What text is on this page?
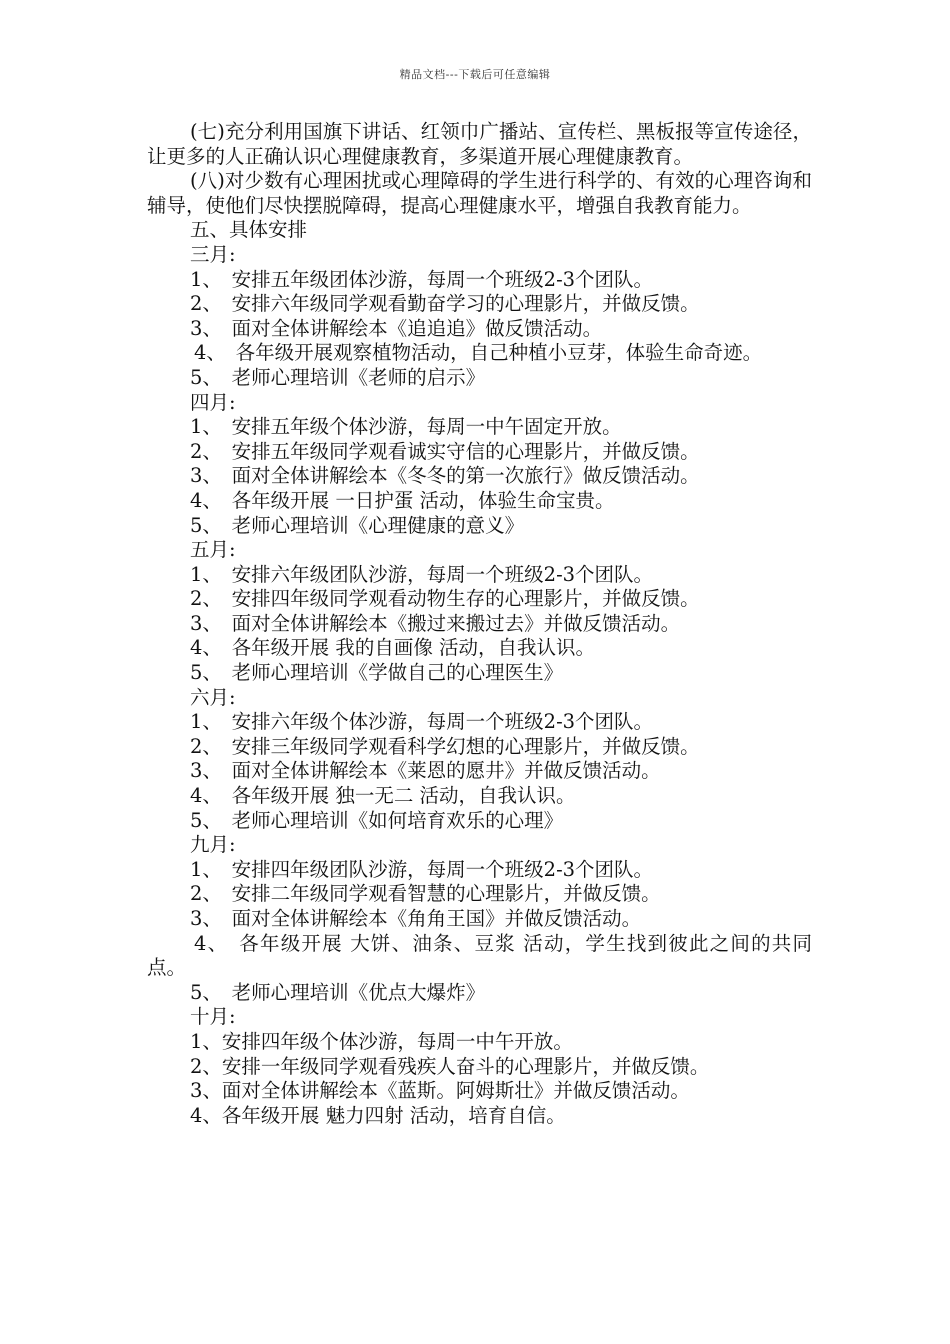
精品文档---下载后可任意编辑

(七)充分利用国旗下讲话、红领巾广播站、宣传栏、黑板报等宣传途径，让更多的人正确认识心理健康教育，多渠道开展心理健康教育。

(八)对少数有心理困扰或心理障碍的学生进行科学的、有效的心理咨询和辅导，使他们尽快摆脱障碍，提高心理健康水平，增强自我教育能力。

五、具体安排

三月:

1、　安排五年级团体沙游，每周一个班级2-3个团队。

2、　安排六年级同学观看勤奋学习的心理影片，并做反馈。

3、　面对全体讲解绘本《追追追》做反馈活动。

4、　各年级开展观察植物活动，自己种植小豆芽，体验生命奇迹。

5、　老师心理培训《老师的启示》

四月:

1、　安排五年级个体沙游，每周一中午固定开放。

2、　安排五年级同学观看诚实守信的心理影片，并做反馈。

3、　面对全体讲解绘本《冬冬的第一次旅行》做反馈活动。

4、　各年级开展 一日护蛋 活动，体验生命宝贵。

5、　老师心理培训《心理健康的意义》

五月:

1、　安排六年级团队沙游，每周一个班级2-3个团队。

2、　安排四年级同学观看动物生存的心理影片，并做反馈。

3、　面对全体讲解绘本《搬过来搬过去》并做反馈活动。

4、　各年级开展 我的自画像 活动，自我认识。

5、　老师心理培训《学做自己的心理医生》

六月:

1、　安排六年级个体沙游，每周一个班级2-3个团队。

2、　安排三年级同学观看科学幻想的心理影片，并做反馈。

3、　面对全体讲解绘本《莱恩的愿井》并做反馈活动。

4、　各年级开展 独一无二 活动，自我认识。

5、　老师心理培训《如何培育欢乐的心理》

九月:

1、　安排四年级团队沙游，每周一个班级2-3个团队。

2、　安排二年级同学观看智慧的心理影片，并做反馈。

3、　面对全体讲解绘本《角角王国》并做反馈活动。

4、　各年级开展 大饼、油条、豆浆 活动，学生找到彼此之间的共同点。

5、　老师心理培训《优点大爆炸》

十月:

1、安排四年级个体沙游，每周一中午开放。

2、安排一年级同学观看残疾人奋斗的心理影片，并做反馈。

3、面对全体讲解绘本《蓝斯。阿姆斯壮》并做反馈活动。

4、各年级开展 魅力四射 活动，培育自信。
